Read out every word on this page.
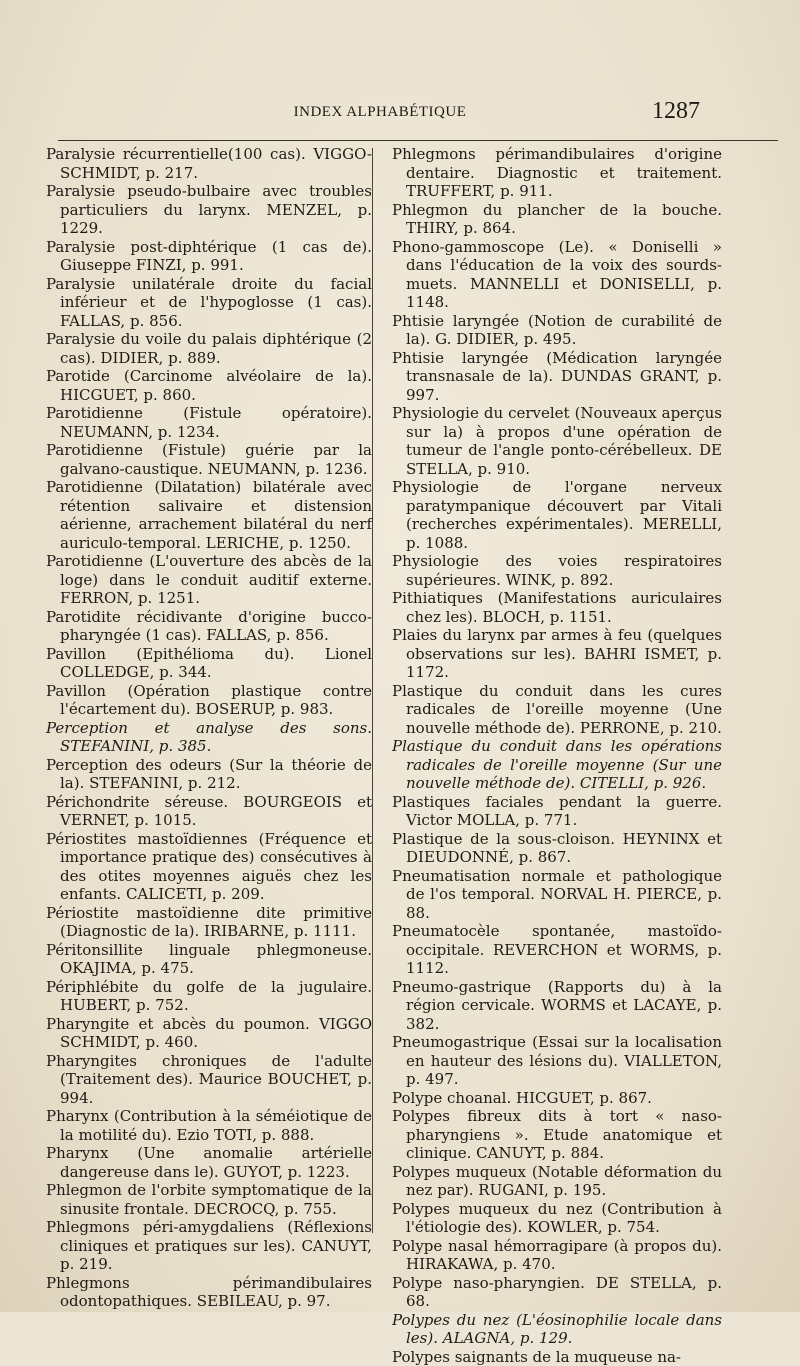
INDEX ALPHABÉTIQUE	1287

Paralysie récurrentielle(100 cas). VIGGO-SCHMIDT, p. 217.

Paralysie pseudo-bulbaire avec troubles particuliers du larynx. MENZEL, p. 1229.

Paralysie post-diphtérique (1 cas de). Giuseppe FINZI, p. 991.

Paralysie unilatérale droite du facial inférieur et de l'hypoglosse (1 cas). FALLAS, p. 856.

Paralysie du voile du palais diphtérique (2 cas). DIDIER, p. 889.

Parotide (Carcinome alvéolaire de la). HICGUET, p. 860.

Parotidienne (Fistule opératoire). NEUMANN, p. 1234.

Parotidienne (Fistule) guérie par la galvano-caustique. NEUMANN, p. 1236.

Parotidienne (Dilatation) bilatérale avec rétention salivaire et distension aérienne, arrachement bilatéral du nerf auriculo-temporal. LERICHE, p. 1250.

Parotidienne (L'ouverture des abcès de la loge) dans le conduit auditif externe. FERRON, p. 1251.

Parotidite récidivante d'origine bucco-pharyngée (1 cas). FALLAS, p. 856.

Pavillon (Epithélioma du). Lionel COLLEDGE, p. 344.

Pavillon (Opération plastique contre l'écartement du). BOSERUP, p. 983.

Perception et analyse des sons. STEFANINI, p. 385.

Perception des odeurs (Sur la théorie de la). STEFANINI, p. 212.

Périchondrite séreuse. BOURGEOIS et VERNET, p. 1015.

Périostites mastoïdiennes (Fréquence et importance pratique des) consécutives à des otites moyennes aiguës chez les enfants. CALICETI, p. 209.

Périostite mastoïdienne dite primitive (Diagnostic de la). IRIBARNE, p. 1111.

Péritonsillite linguale phlegmoneuse. OKAJIMA, p. 475.

Périphlébite du golfe de la jugulaire. HUBERT, p. 752.

Pharyngite et abcès du poumon. VIGGO SCHMIDT, p. 460.

Pharyngites chroniques de l'adulte (Traitement des). Maurice BOUCHET, p. 994.

Pharynx (Contribution à la séméiotique de la motilité du). Ezio TOTI, p. 888.

Pharynx (Une anomalie artérielle dangereuse dans le). GUYOT, p. 1223.

Phlegmon de l'orbite symptomatique de la sinusite frontale. DECROCQ, p. 755.

Phlegmons péri-amygdaliens (Réflexions cliniques et pratiques sur les). CANUYT, p. 219.

Phlegmons périmandibulaires odontopathiques. SEBILEAU, p. 97.

Phlegmons périmandibulaires d'origine dentaire. Diagnostic et traitement. TRUFFERT, p. 911.

Phlegmon du plancher de la bouche. THIRY, p. 864.

Phono-gammoscope (Le). « Doniselli » dans l'éducation de la voix des sourds-muets. MANNELLI et DONISELLI, p. 1148.

Phtisie laryngée (Notion de curabilité de la). G. DIDIER, p. 495.

Phtisie laryngée (Médication laryngée transnasale de la). DUNDAS GRANT, p. 997.

Physiologie du cervelet (Nouveaux aperçus sur la) à propos d'une opération de tumeur de l'angle ponto-cérébelleux. DE STELLA, p. 910.

Physiologie de l'organe nerveux paratympanique découvert par Vitali (recherches expérimentales). MERELLI, p. 1088.

Physiologie des voies respiratoires supérieures. WINK, p. 892.

Pithiatiques (Manifestations auriculaires chez les). BLOCH, p. 1151.

Plaies du larynx par armes à feu (quelques observations sur les). BAHRI ISMET, p. 1172.

Plastique du conduit dans les cures radicales de l'oreille moyenne (Une nouvelle méthode de). PERRONE, p. 210.

Plastique du conduit dans les opérations radicales de l'oreille moyenne (Sur une nouvelle méthode de). CITELLI, p. 926.

Plastiques faciales pendant la guerre. Victor MOLLA, p. 771.

Plastique de la sous-cloison. HEYNINX et DIEUDONNÉ, p. 867.

Pneumatisation normale et pathologique de l'os temporal. NORVAL H. PIERCE, p. 88.

Pneumatocèle spontanée, mastoïdo-occipitale. REVERCHON et WORMS, p. 1112.

Pneumo-gastrique (Rapports du) à la région cervicale. WORMS et LACAYE, p. 382.

Pneumogastrique (Essai sur la localisation en hauteur des lésions du). VIALLETON, p. 497.

Polype choanal. HICGUET, p. 867.

Polypes fibreux dits à tort « naso-pharyngiens ». Etude anatomique et clinique. CANUYT, p. 884.

Polypes muqueux (Notable déformation du nez par). RUGANI, p. 195.

Polypes muqueux du nez (Contribution à l'étiologie des). KOWLER, p. 754.

Polype nasal hémorragipare (à propos du). HIRAKAWA, p. 470.

Polype naso-pharyngien. DE STELLA, p. 68.

Polypes du nez (L'éosinophilie locale dans les). ALAGNA, p. 129.

Polypes saignants de la muqueuse na-
